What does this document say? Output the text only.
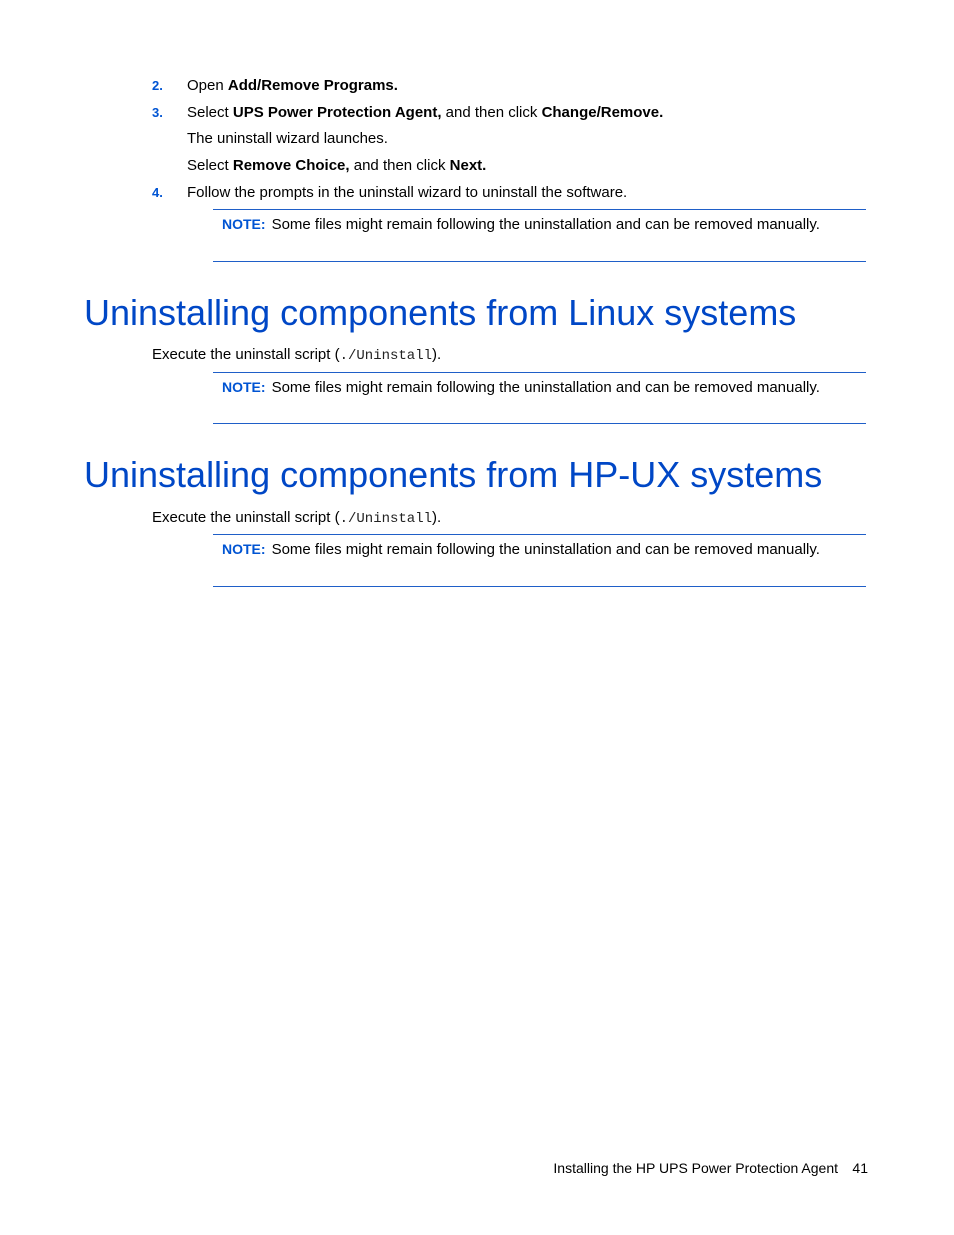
2. Open Add/Remove Programs.
3. Select UPS Power Protection Agent, and then click Change/Remove.
The uninstall wizard launches.
Select Remove Choice, and then click Next.
4. Follow the prompts in the uninstall wizard to uninstall the software.
NOTE: Some files might remain following the uninstallation and can be removed manually.
Uninstalling components from Linux systems
Execute the uninstall script (./Uninstall).
NOTE: Some files might remain following the uninstallation and can be removed manually.
Uninstalling components from HP-UX systems
Execute the uninstall script (./Uninstall).
NOTE: Some files might remain following the uninstallation and can be removed manually.
Installing the HP UPS Power Protection Agent 41
